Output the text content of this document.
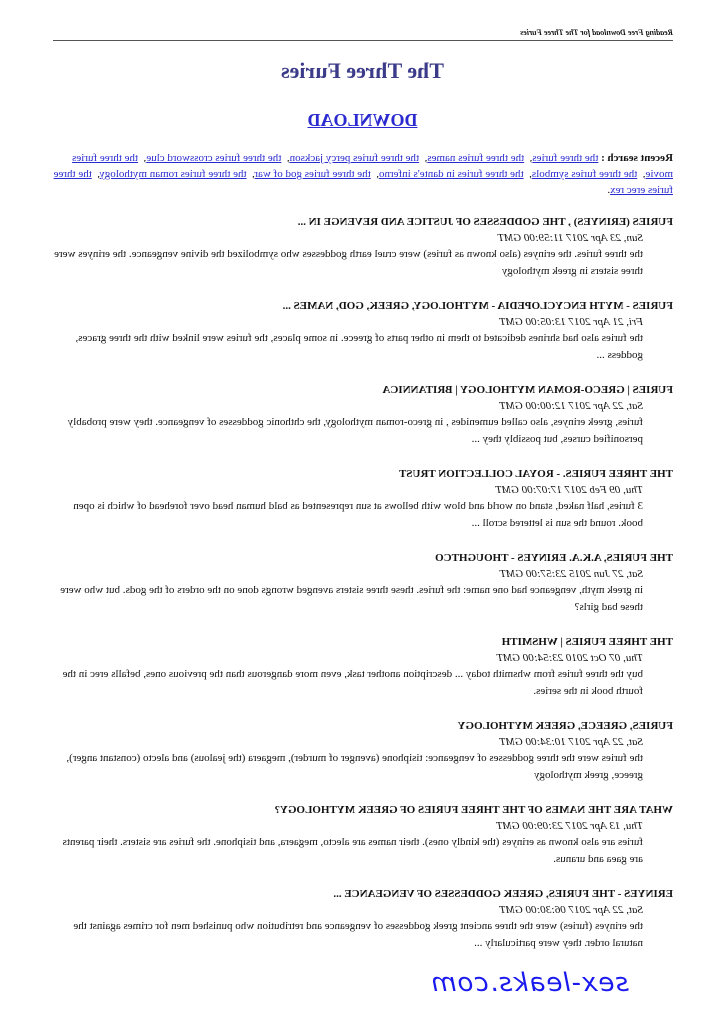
Reading Free Download for The Three Furies
The Three Furies
DOWNLOAD
Recent search : the three furies,  the three furies names,  the three furies percy jackson,  the three furies crossword clue,  the three furies movie,  the three furies symbols,  the three furies in dante's inferno,  the three furies god of war,  the three furies roman mythology,  the three furies erec rex.
FURIES (ERINYES) , THE GODDESSES OF JUSTICE AND REVENGE IN ...
Sun, 23 Apr 2017 11:59:00 GMT
the three furies. the erinyes (also known as furies) were cruel earth goddesses who symbolized the divine vengeance. the erinyes were three sisters in greek mythology
FURIES - MYTH ENCYCLOPEDIA - MYTHOLOGY, GREEK, GOD, NAMES ...
Fri, 21 Apr 2017 13:05:00 GMT
the furies also had shrines dedicated to them in other parts of greece. in some places, the furies were linked with the three graces, goddess ...
FURIES | GRECO-ROMAN MYTHOLOGY | BRITANNICA
Sat, 22 Apr 2017 12:00:00 GMT
furies, greek erinyes, also called eumenides , in greco-roman mythology, the chthonic goddesses of vengeance. they were probably personified curses, but possibly they ...
THE THREE FURIES. - ROYAL COLLECTION TRUST
Thu, 09 Feb 2017 17:07:00 GMT
3 furies, half naked, stand on world and blow with bellows at sun represented as bald human head over forehead of which is open book. round the sun is lettered scroll ...
THE FURIES, A.K.A. ERINYES - THOUGHTCO
Sat, 27 Jun 2015 23:57:00 GMT
in greek myth, vengeance had one name: the furies. these three sisters avenged wrongs done on the orders of the gods. but who were these bad girls?
THE THREE FURIES | WHSMITH
Thu, 07 Oct 2010 23:54:00 GMT
buy the three furies from whsmith today ... description another task, even more dangerous than the previous ones, befalls erec in the fourth book in the series.
FURIES, GREECE, GREEK MYTHOLOGY
Sat, 22 Apr 2017 10:34:00 GMT
the furies were the three goddesses of vengeance: tisiphone (avenger of murder), megaera (the jealous) and alecto (constant anger), greece, greek mythology
WHAT ARE THE NAMES OF THE THREE FURIES OF GREEK MYTHOLOGY?
Thu, 13 Apr 2017 23:09:00 GMT
furies are also known as erinyes (the kindly ones). their names are alecto, megaera, and tisiphone. the furies are sisters. their parents are gaea and uranus.
ERINYES - THE FURIES, GREEK GODDESSES OF VENGEANCE ...
Sat, 22 Apr 2017 06:30:00 GMT
the erinyes (furies) were the three ancient greek goddesses of vengeance and retribution who punished men for crimes against the natural order. they were particularly ...
sex-leaks.com
